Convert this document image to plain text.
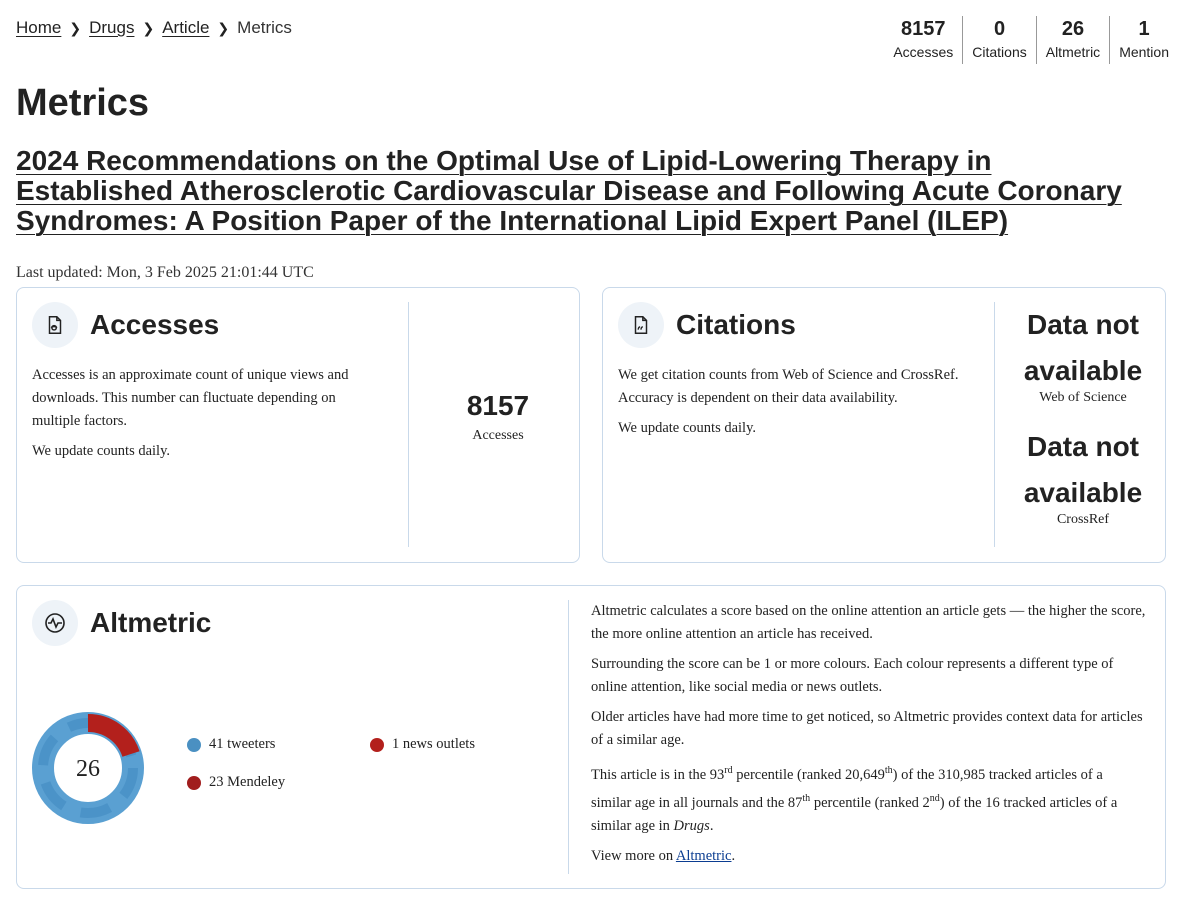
Home ❯ Drugs ❯ Article ❯ Metrics	8157
Accesses
0
Citations
26
Altmetric
1
Mention
Metrics
2024 Recommendations on the Optimal Use of Lipid-Lowering Therapy in Established Atherosclerotic Cardiovascular Disease and Following Acute Coronary Syndromes: A Position Paper of the International Lipid Expert Panel (ILEP)
Last updated: Mon, 3 Feb 2025 21:01:44 UTC
Accesses

Accesses is an approximate count of unique views and downloads. This number can fluctuate depending on multiple factors.

We update counts daily.

8157
Accesses
Citations

We get citation counts from Web of Science and CrossRef. Accuracy is dependent on their data availability.

We update counts daily.

Data not available
Web of Science
Data not available
CrossRef
Altmetric
26
41 tweeters	1 news outlets
23 Mendeley

Altmetric calculates a score based on the online attention an article gets — the higher the score, the more online attention an article has received.

Surrounding the score can be 1 or more colours. Each colour represents a different type of online attention, like social media or news outlets.

Older articles have had more time to get noticed, so Altmetric provides context data for articles of a similar age.

This article is in the 93rd percentile (ranked 20,649th) of the 310,985 tracked articles of a similar age in all journals and the 87th percentile (ranked 2nd) of the 16 tracked articles of a similar age in Drugs.

View more on Altmetric.
